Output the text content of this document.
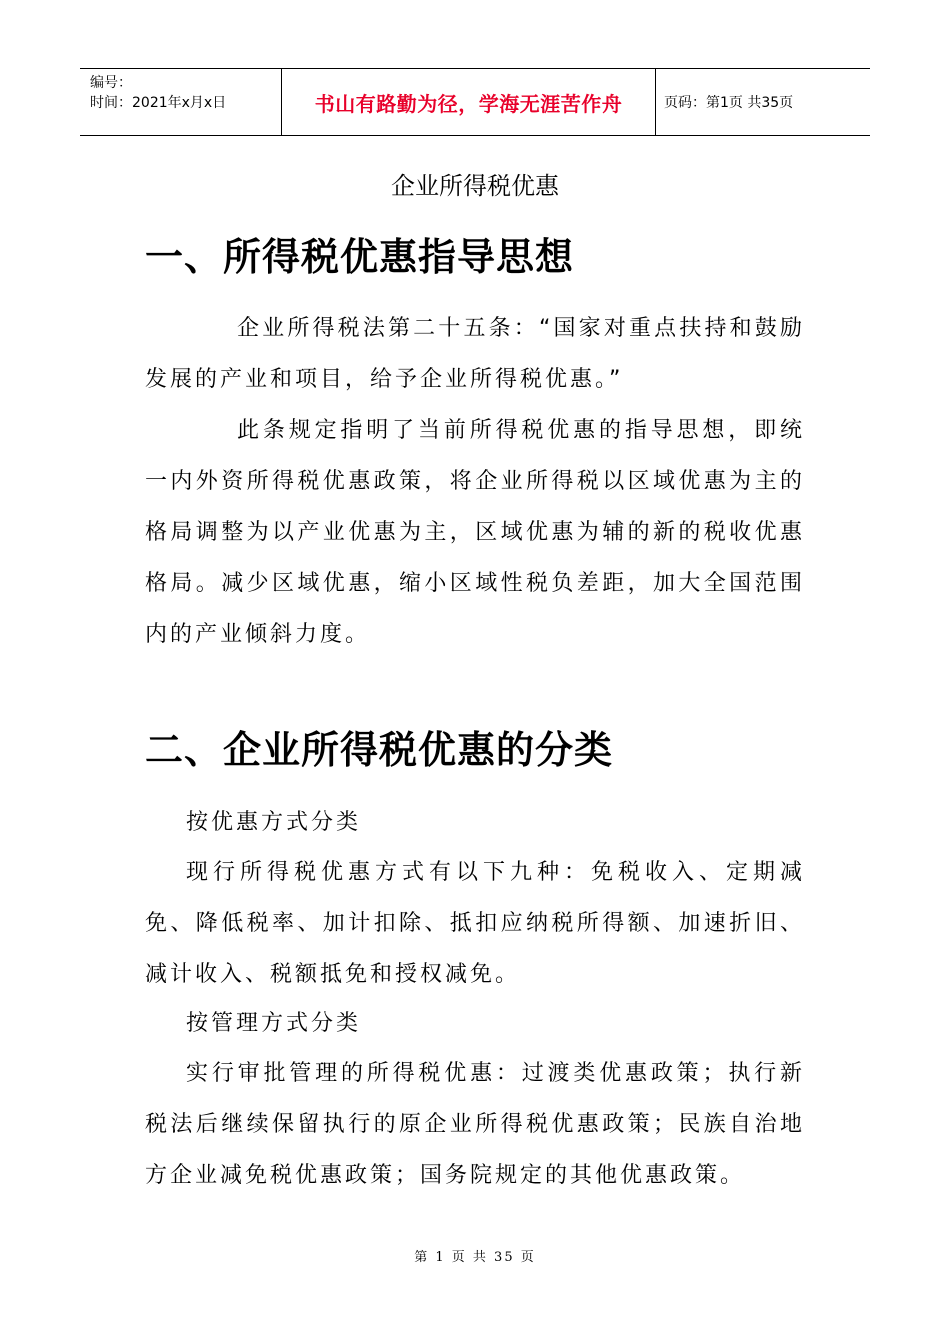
编号：
时间：2021年x月x日	书山有路勤为径，学海无涯苦作舟	页码：第1页 共35页
企业所得税优惠
一、所得税优惠指导思想

企业所得税法第二十五条：“国家对重点扶持和鼓励发展的产业和项目，给予企业所得税优惠。”

此条规定指明了当前所得税优惠的指导思想，即统一内外资所得税优惠政策，将企业所得税以区域优惠为主的格局调整为以产业优惠为主，区域优惠为辅的新的税收优惠格局。减少区域优惠，缩小区域性税负差距，加大全国范围内的产业倾斜力度。

二、企业所得税优惠的分类
按优惠方式分类

现行所得税优惠方式有以下九种：免税收入、定期减免、降低税率、加计扣除、抵扣应纳税所得额、加速折旧、减计收入、税额抵免和授权减免。

按管理方式分类

实行审批管理的所得税优惠：过渡类优惠政策；执行新税法后继续保留执行的原企业所得税优惠政策；民族自治地方企业减免税优惠政策；国务院规定的其他优惠政策。

第 1 页 共 35 页
